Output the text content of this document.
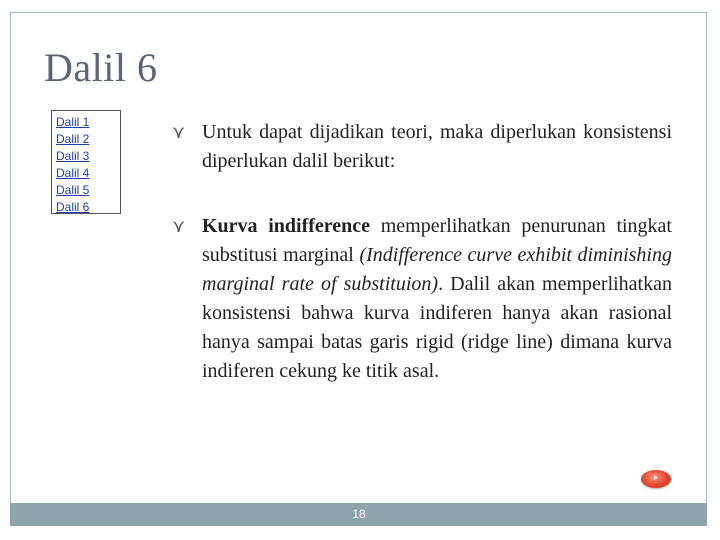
Dalil 6
Dalil 1
Dalil 2
Dalil 3
Dalil 4
Dalil 5
Dalil 6
⋎ Untuk dapat dijadikan teori, maka diperlukan konsistensi diperlukan dalil berikut:
⋎ Kurva indifference memperlihatkan penurunan tingkat substitusi marginal (Indifference curve exhibit diminishing marginal rate of substituion). Dalil akan memperlihatkan konsistensi bahwa kurva indiferen hanya akan rasional hanya sampai batas garis rigid (ridge line) dimana kurva indiferen cekung ke titik asal.
▸
18
